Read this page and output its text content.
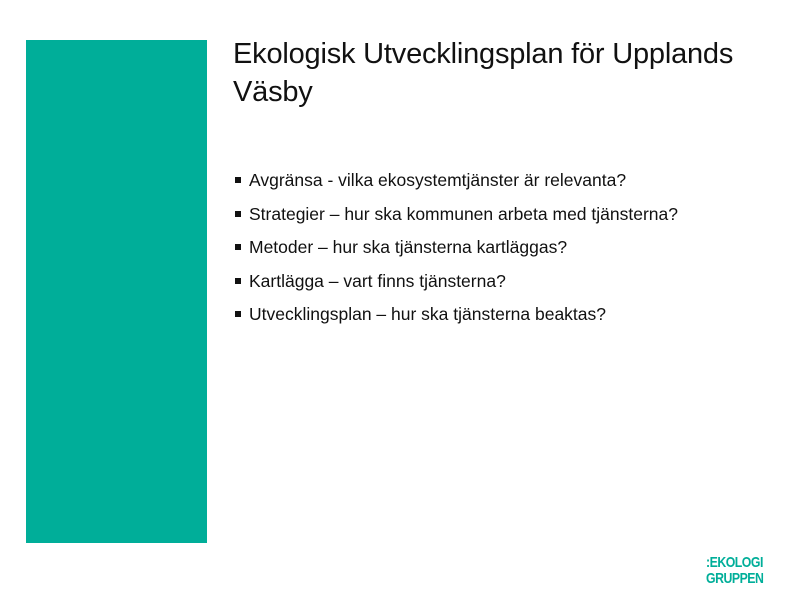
Ekologisk Utvecklingsplan för Upplands Väsby
Avgränsa - vilka ekosystemtjänster är relevanta?
Strategier – hur ska kommunen arbeta med tjänsterna?
Metoder – hur ska tjänsterna kartläggas?
Kartlägga – vart finns tjänsterna?
Utvecklingsplan – hur ska tjänsterna beaktas?
:EKOLOGI
GRUPPEN
